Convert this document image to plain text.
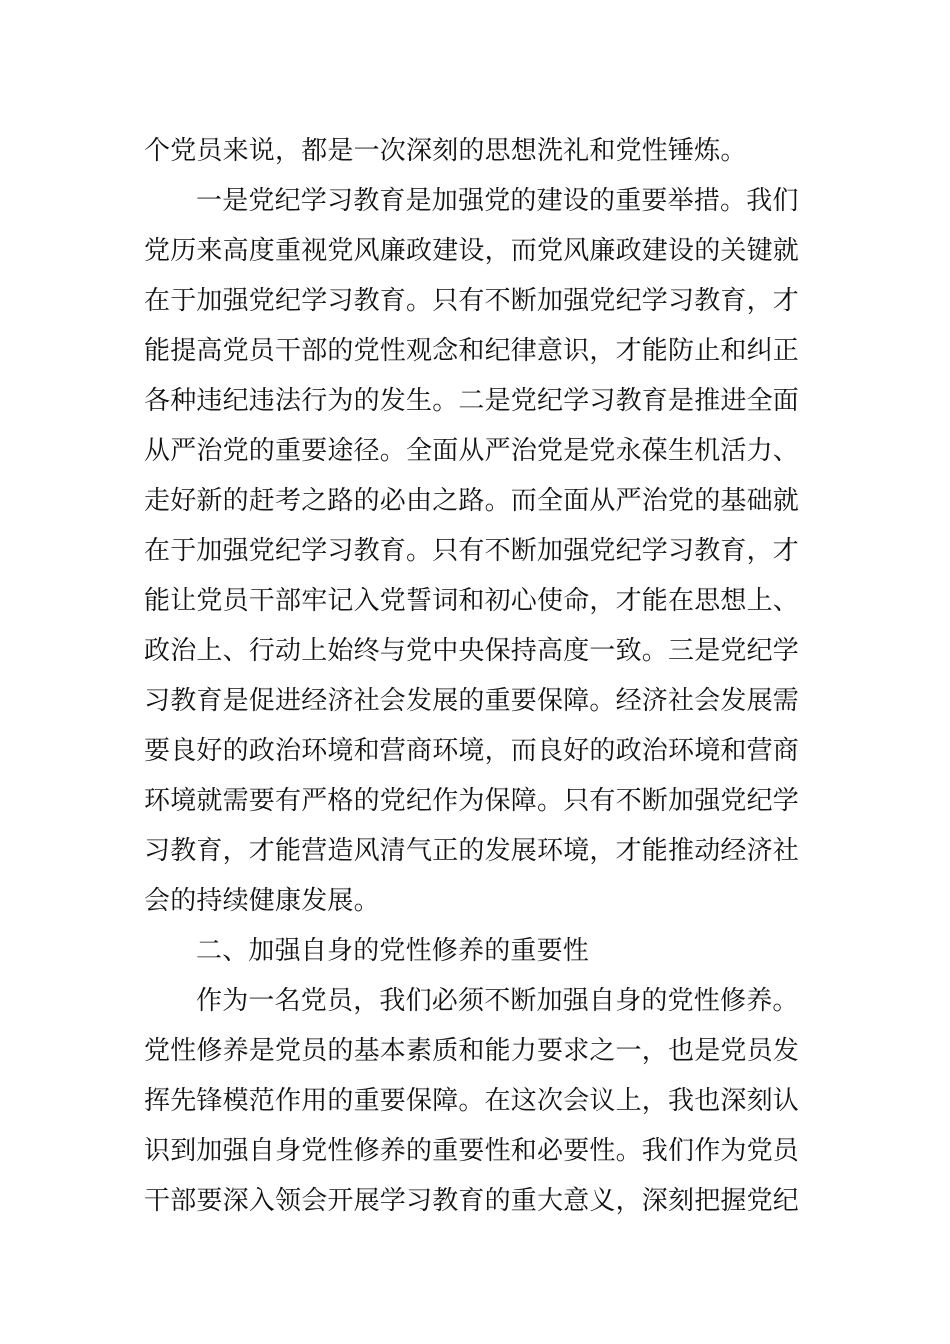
个党员来说，都是一次深刻的思想洗礼和党性锤炼。
一是党纪学习教育是加强党的建设的重要举措。我们
党历来高度重视党风廉政建设，而党风廉政建设的关键就
在于加强党纪学习教育。只有不断加强党纪学习教育，才
能提高党员干部的党性观念和纪律意识，才能防止和纠正
各种违纪违法行为的发生。二是党纪学习教育是推进全面
从严治党的重要途径。全面从严治党是党永葆生机活力、
走好新的赶考之路的必由之路。而全面从严治党的基础就
在于加强党纪学习教育。只有不断加强党纪学习教育，才
能让党员干部牢记入党誓词和初心使命，才能在思想上、
政治上、行动上始终与党中央保持高度一致。三是党纪学
习教育是促进经济社会发展的重要保障。经济社会发展需
要良好的政治环境和营商环境，而良好的政治环境和营商
环境就需要有严格的党纪作为保障。只有不断加强党纪学
习教育，才能营造风清气正的发展环境，才能推动经济社
会的持续健康发展。
二、加强自身的党性修养的重要性
作为一名党员，我们必须不断加强自身的党性修养。
党性修养是党员的基本素质和能力要求之一，也是党员发
挥先锋模范作用的重要保障。在这次会议上，我也深刻认
识到加强自身党性修养的重要性和必要性。我们作为党员
干部要深入领会开展学习教育的重大意义，深刻把握党纪
